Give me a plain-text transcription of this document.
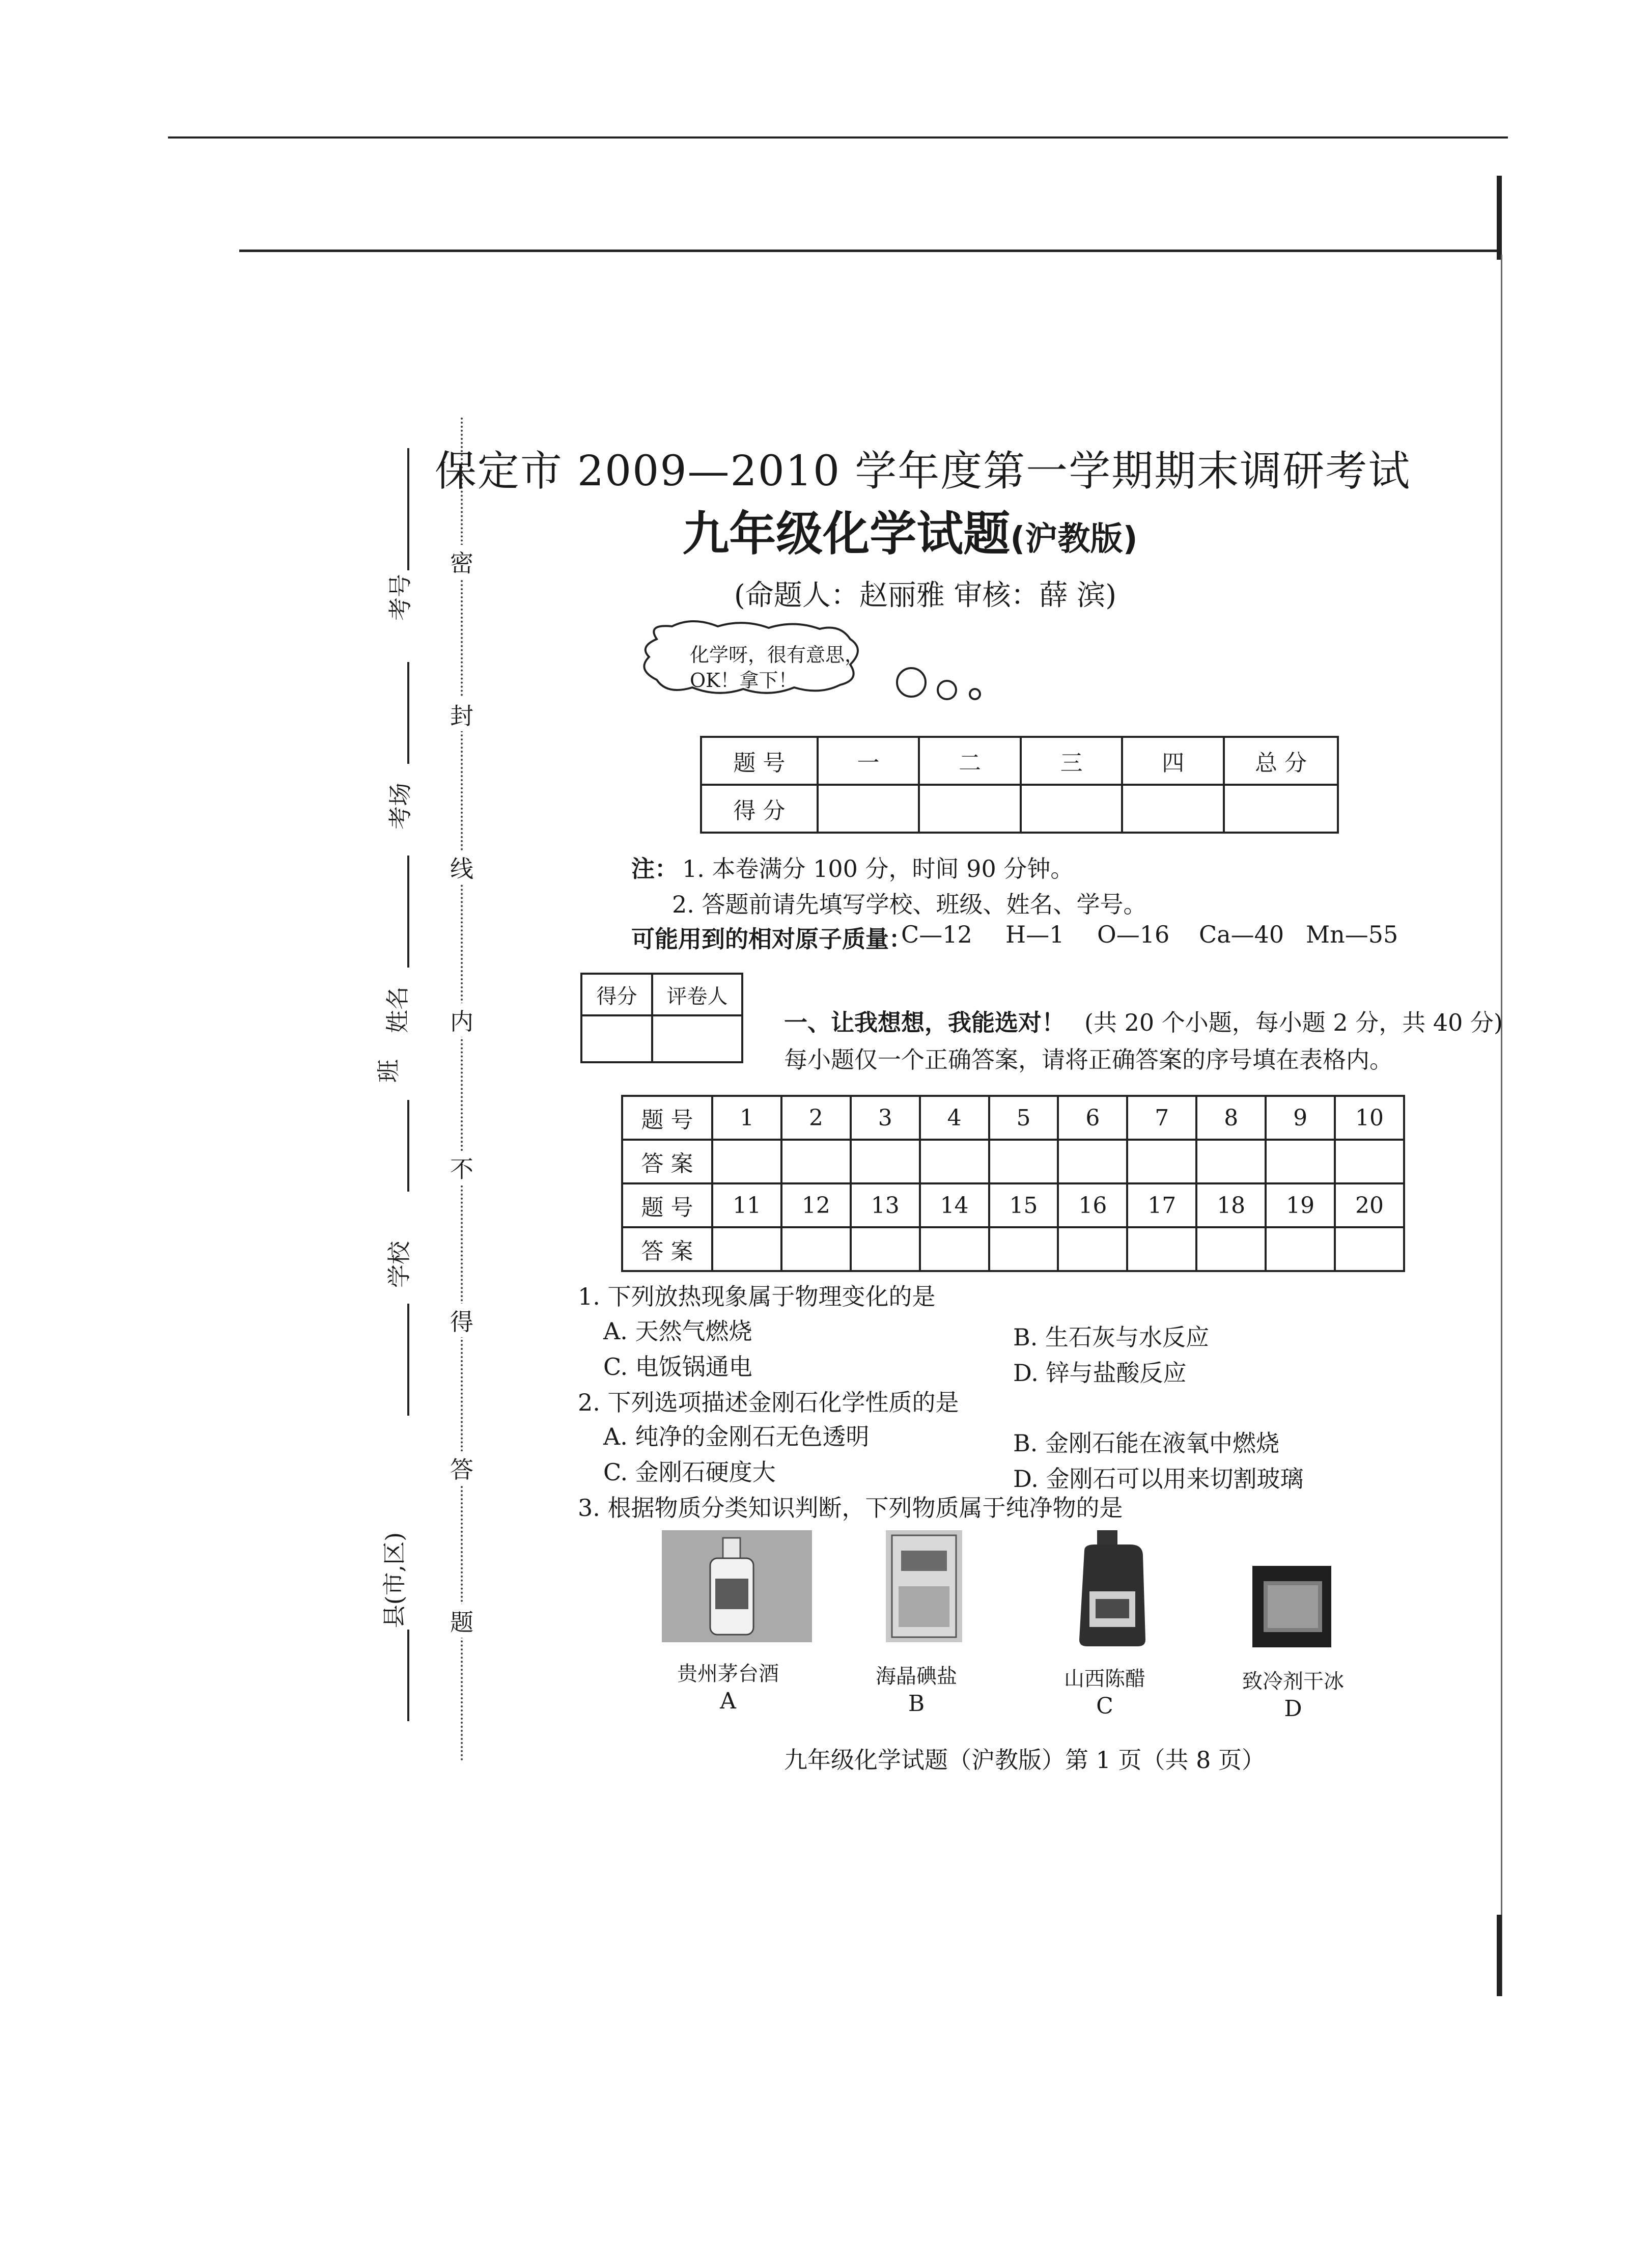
考号
考场
姓名
班
学校
县(市,区)
密
封
线
内
不
得
答
题
保定市 2009—2010 学年度第一学期期末调研考试
九年级化学试题(沪教版)
(命题人：赵丽雅 审核：薛 滨)
化学呀，很有意思，
OK！拿下！
题 号	一	二	三	四	总 分
得 分					
注： 1. 本卷满分 100 分，时间 90 分钟。
2. 答题前请先填写学校、班级、姓名、学号。
可能用到的相对原子质量：
C—12 H—1 O—16 Ca—40 Mn—55
得分	评卷人

一、让我想想，我能选对！ (共 20 个小题，每小题 2 分，共 40 分)
每小题仅一个正确答案，请将正确答案的序号填在表格内。
题 号	1	2	3	4	5	6	7	8	9	10
答 案										
题 号	11	12	13	14	15	16	17	18	19	20
答 案										
1. 下列放热现象属于物理变化的是
A. 天然气燃烧	B. 生石灰与水反应
C. 电饭锅通电	D. 锌与盐酸反应
2. 下列选项描述金刚石化学性质的是
A. 纯净的金刚石无色透明	B. 金刚石能在液氧中燃烧
C. 金刚石硬度大	D. 金刚石可以用来切割玻璃
3. 根据物质分类知识判断，下列物质属于纯净物的是
贵州茅台酒
A
海晶碘盐
B
山西陈醋
C
致冷剂干冰
D
九年级化学试题（沪教版）第 1 页（共 8 页）
